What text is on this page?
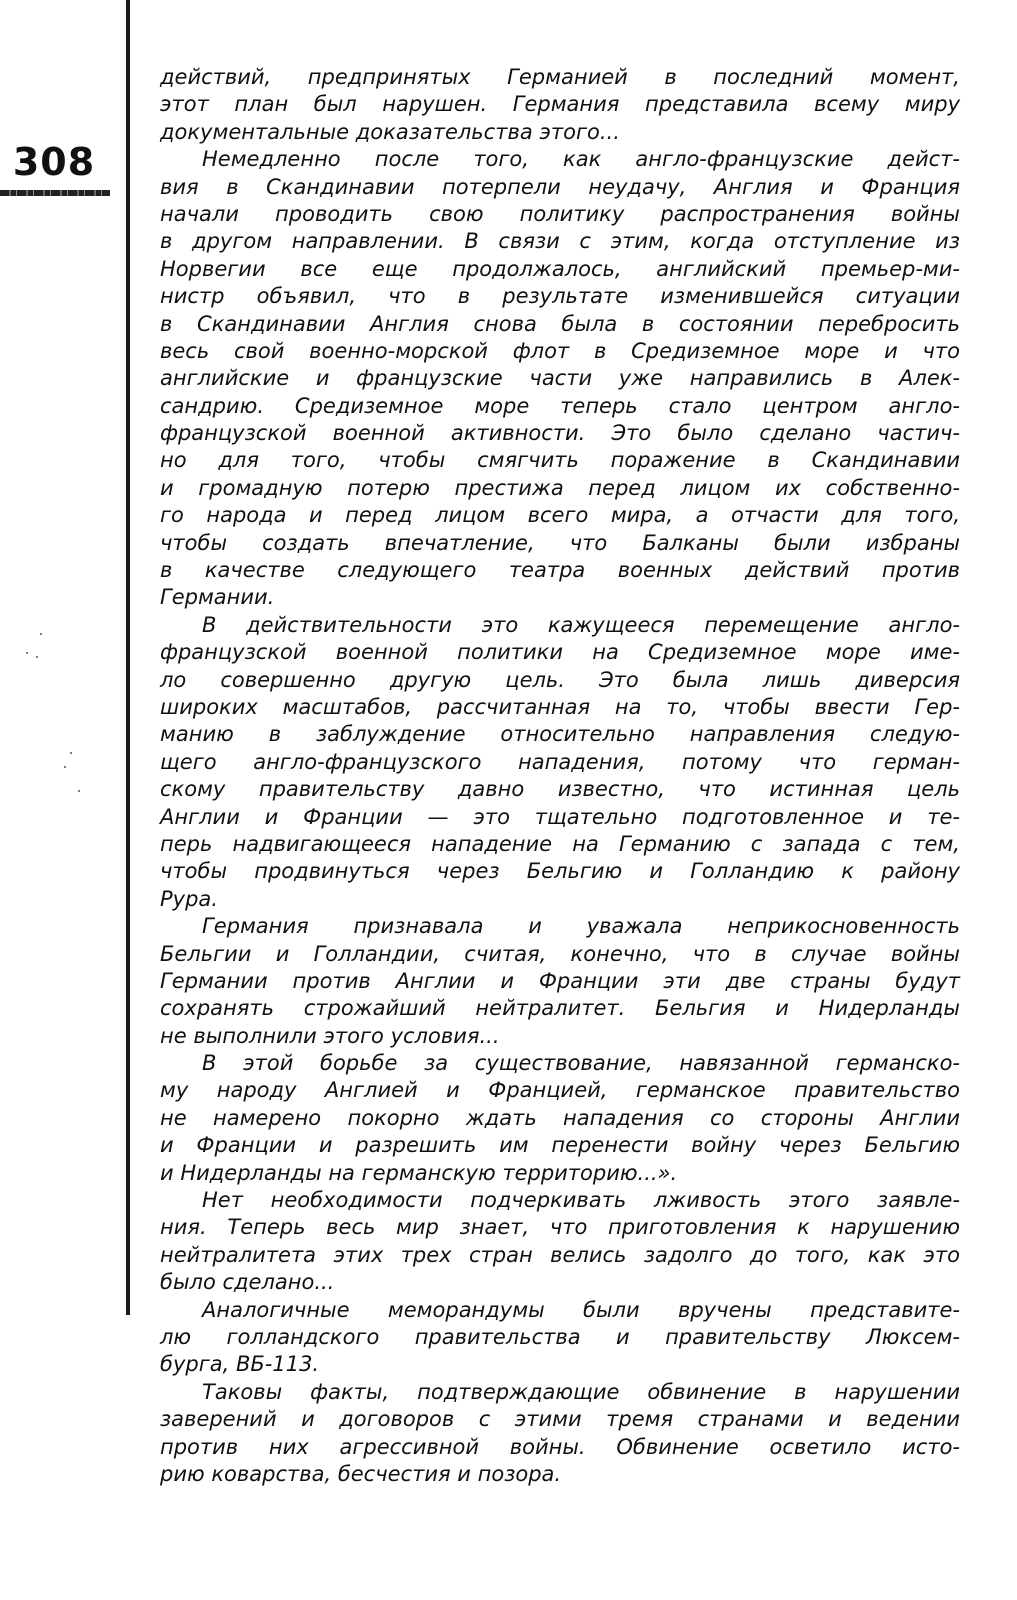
308
действий, предпринятых Германией в последний момент,
этот план был нарушен. Германия представила всему миру
документальные доказательства этого...
Немедленно после того, как англо-французские дейст-
вия в Скандинавии потерпели неудачу, Англия и Франция
начали проводить свою политику распространения войны
в другом направлении. В связи с этим, когда отступление из
Норвегии все еще продолжалось, английский премьер-ми-
нистр объявил, что в результате изменившейся ситуации
в Скандинавии Англия снова была в состоянии перебросить
весь свой военно-морской флот в Средиземное море и что
английские и французские части уже направились в Алек-
сандрию. Средиземное море теперь стало центром англо-
французской военной активности. Это было сделано частич-
но для того, чтобы смягчить поражение в Скандинавии
и громадную потерю престижа перед лицом их собственно-
го народа и перед лицом всего мира, а отчасти для того,
чтобы создать впечатление, что Балканы были избраны
в качестве следующего театра военных действий против
Германии.
В действительности это кажущееся перемещение англо-
французской военной политики на Средиземное море име-
ло совершенно другую цель. Это была лишь диверсия
широких масштабов, рассчитанная на то, чтобы ввести Гер-
манию в заблуждение относительно направления следую-
щего англо-французского нападения, потому что герман-
скому правительству давно известно, что истинная цель
Англии и Франции — это тщательно подготовленное и те-
перь надвигающееся нападение на Германию с запада с тем,
чтобы продвинуться через Бельгию и Голландию к району
Рура.
Германия признавала и уважала неприкосновенность
Бельгии и Голландии, считая, конечно, что в случае войны
Германии против Англии и Франции эти две страны будут
сохранять строжайший нейтралитет. Бельгия и Нидерланды
не выполнили этого условия...
В этой борьбе за существование, навязанной германско-
му народу Англией и Францией, германское правительство
не намерено покорно ждать нападения со стороны Англии
и Франции и разрешить им перенести войну через Бельгию
и Нидерланды на германскую территорию...».
Нет необходимости подчеркивать лживость этого заявле-
ния. Теперь весь мир знает, что приготовления к нарушению
нейтралитета этих трех стран велись задолго до того, как это
было сделано...
Аналогичные меморандумы были вручены представите-
лю голландского правительства и правительству Люксем-
бурга, ВБ-113.
Таковы факты, подтверждающие обвинение в нарушении
заверений и договоров с этими тремя странами и ведении
против них агрессивной войны. Обвинение осветило исто-
рию коварства, бесчестия и позора.
